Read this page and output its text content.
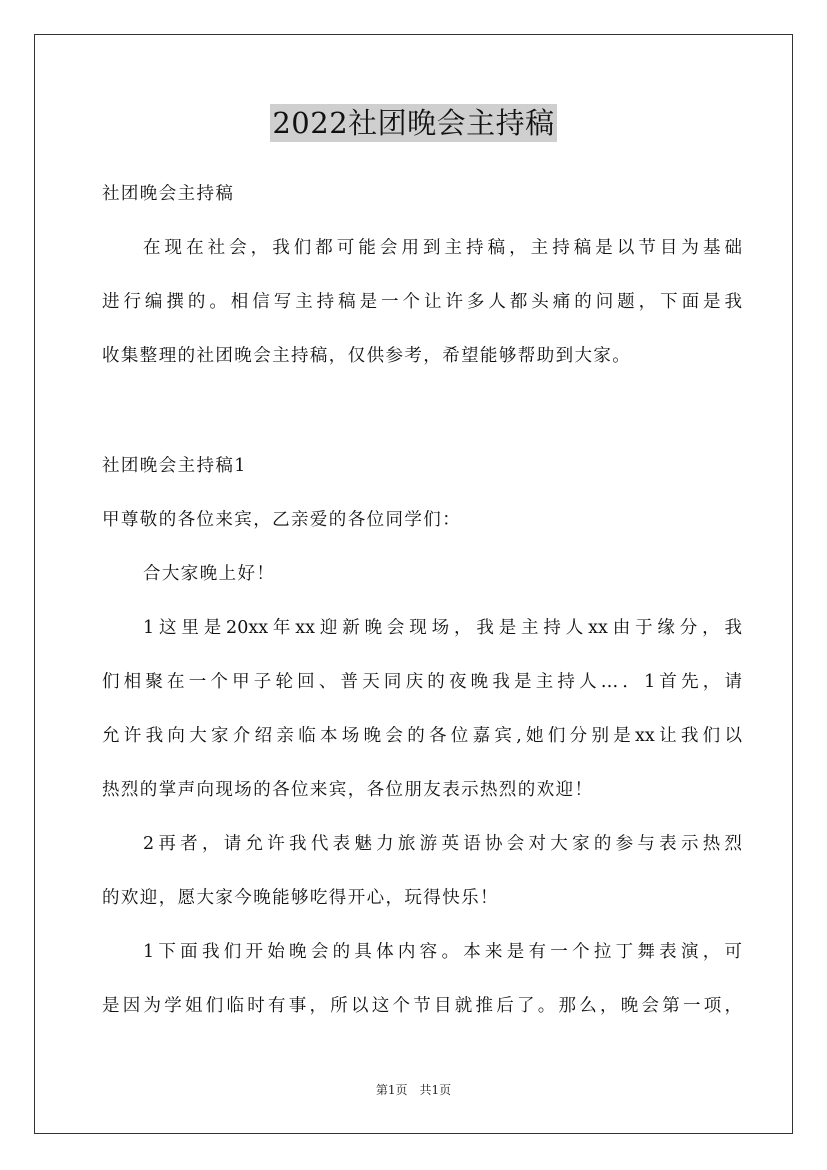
2022社团晚会主持稿
社团晚会主持稿
在现在社会，我们都可能会用到主持稿，主持稿是以节目为基础
进行编撰的。相信写主持稿是一个让许多人都头痛的问题，下面是我
收集整理的社团晚会主持稿，仅供参考，希望能够帮助到大家。
社团晚会主持稿1
甲尊敬的各位来宾，乙亲爱的各位同学们：
合大家晚上好！
1这里是20xx年xx迎新晚会现场，我是主持人xx由于缘分，我
们相聚在一个甲子轮回、普天同庆的夜晚我是主持人…．1首先，请
允许我向大家介绍亲临本场晚会的各位嘉宾,她们分别是xx让我们以
热烈的掌声向现场的各位来宾，各位朋友表示热烈的欢迎！
2再者，请允许我代表魅力旅游英语协会对大家的参与表示热烈
的欢迎，愿大家今晚能够吃得开心，玩得快乐！
1下面我们开始晚会的具体内容。本来是有一个拉丁舞表演，可
是因为学姐们临时有事，所以这个节目就推后了。那么，晚会第一项，
第1页 共1页
